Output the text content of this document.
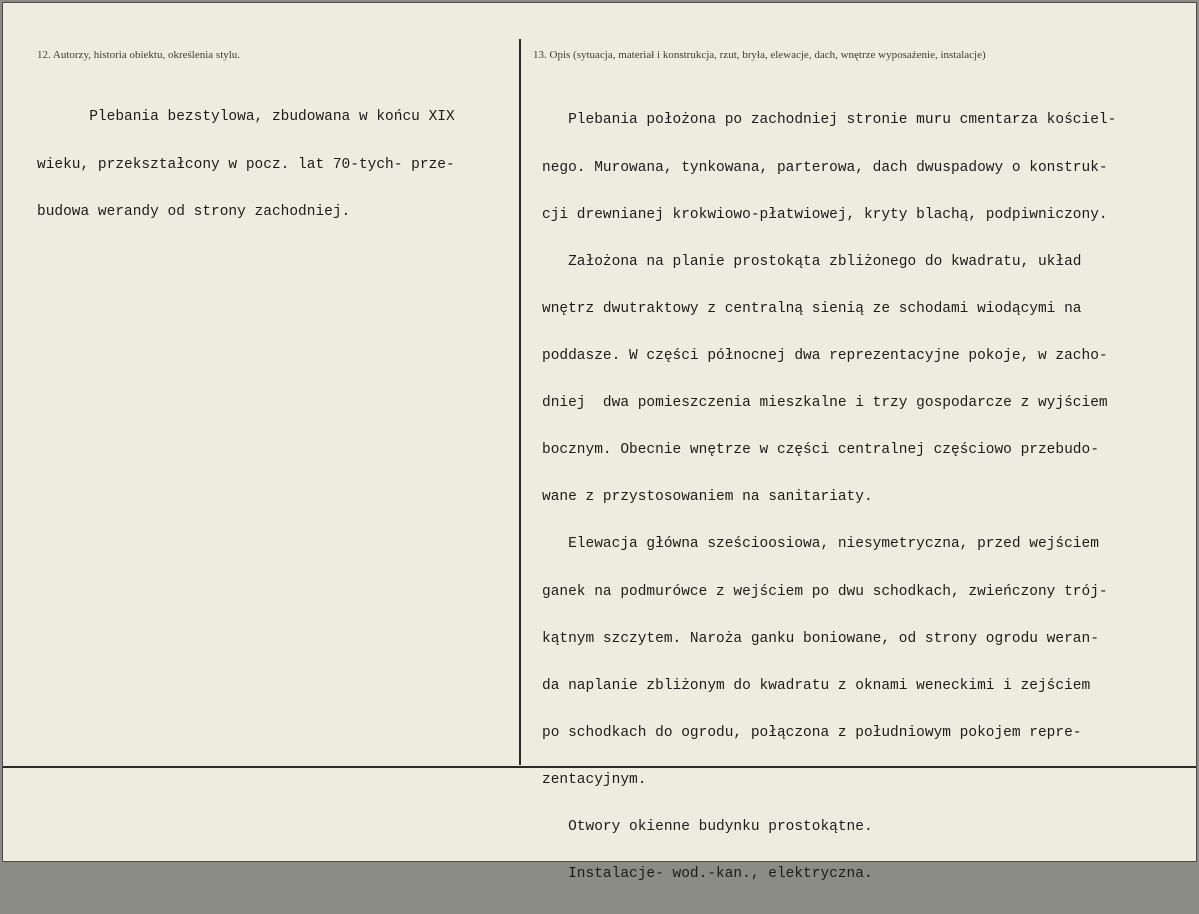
12. Autorzy, historia obiektu, określenia stylu.	13. Opis (sytuacja, materiał i konstrukcja, rzut, bryła, elewacje, dach, wnętrze wyposażenie, instalacje)

Plebania bezstylowa, zbudowana w końcu XIX

wieku, przekształcony w pocz. lat 70-tych- prze-

budowa werandy od strony zachodniej.

Plebania położona po zachodniej stronie muru cmentarza kościel-

nego. Murowana, tynkowana, parterowa, dach dwuspadowy o konstruk-

cji drewnianej krokwiowo-płatwiowej, kryty blachą, podpiwniczony.

Założona na planie prostokąta zbliżonego do kwadratu, układ

wnętrz dwutraktowy z centralną sienią ze schodami wiodącymi na

poddasze. W części północnej dwa reprezentacyjne pokoje, w zacho-

dniej  dwa pomieszczenia mieszkalne i trzy gospodarcze z wyjściem

bocznym. Obecnie wnętrze w części centralnej częściowo przebudo-

wane z przystosowaniem na sanitariaty.

Elewacja główna sześcioosiowa, niesymetryczna, przed wejściem

ganek na podmurówce z wejściem po dwu schodkach, zwieńczony trój-

kątnym szczytem. Naroża ganku boniowane, od strony ogrodu weran-

da naplanie zbliżonym do kwadratu z oknami weneckimi i zejściem

po schodkach do ogrodu, połączona z południowym pokojem repre-

zentacyjnym.

Otwory okienne budynku prostokątne.

Instalacje- wod.-kan., elektryczna.
